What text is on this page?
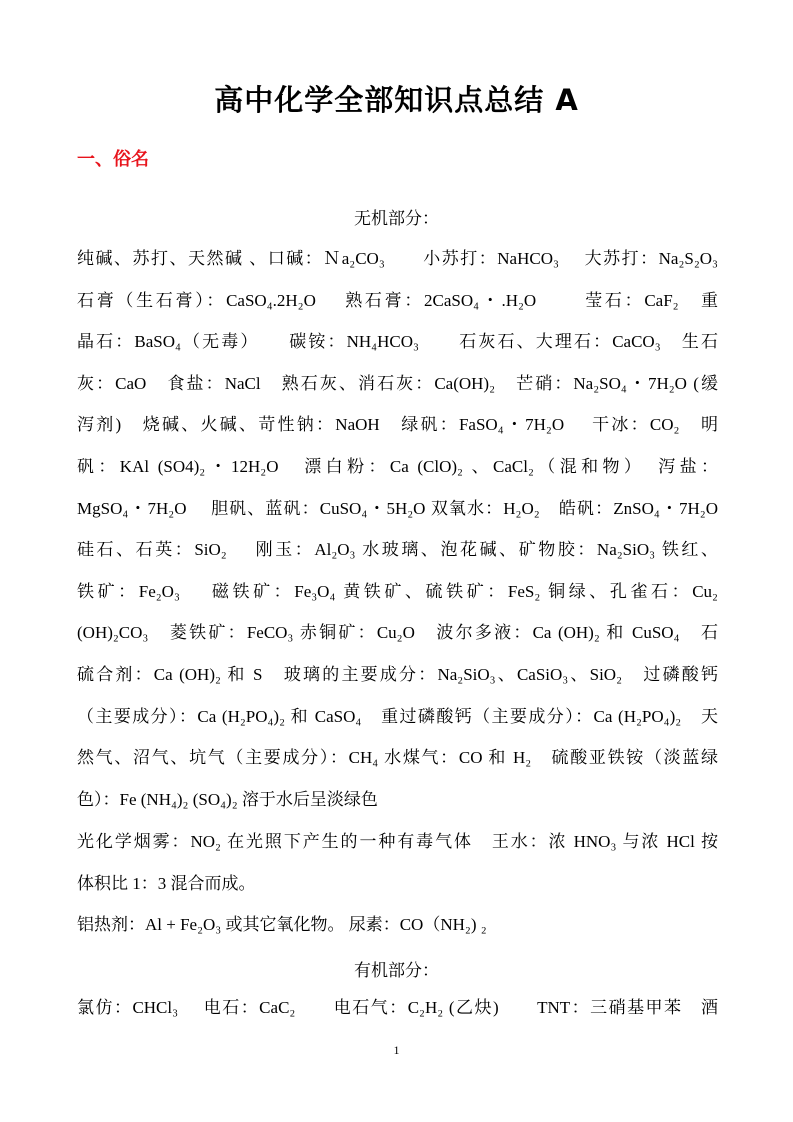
高中化学全部知识点总结 A
一、俗名

无机部分：

纯碱、苏打、天然碱 、口碱：Ｎa₂CO₃　　小苏打：NaHCO₃　 大苏打：Na₂S₂O₃
石膏（生石膏）：CaSO₄.2H₂O　 熟石膏：2CaSO₄・.H₂O　　 莹石：CaF₂　重
晶石：BaSO₄（无毒）　　碳铵：NH₄HCO₃　　石灰石、大理石：CaCO₃　生石
灰：CaO　食盐：NaCl　熟石灰、消石灰：Ca(OH)₂　芒硝：Na₂SO₄・7H₂O (缓
泻剂)　烧碱、火碱、苛性钠：NaOH　绿矾：FaSO₄・7H₂O　 干冰：CO₂　明
矾：KAl (SO4)₂・12H₂O　漂白粉：Ca (ClO)₂ 、CaCl₂（混和物）　泻盐：
MgSO₄・7H₂O　 胆矾、蓝矾：CuSO₄・5H₂O 双氧水：H₂O₂　皓矾：ZnSO₄・7H₂O
硅石、石英：SiO₂　 刚玉：Al₂O₃ 水玻璃、泡花碱、矿物胶：Na₂SiO₃ 铁红、
铁矿：Fe₂O₃　 磁铁矿：Fe₃O₄ 黄铁矿、硫铁矿：FeS₂ 铜绿、孔雀石：Cu₂
(OH)₂CO₃　菱铁矿：FeCO₃ 赤铜矿：Cu₂O　波尔多液：Ca (OH)₂ 和 CuSO₄　石
硫合剂：Ca (OH)₂ 和 S　玻璃的主要成分：Na₂SiO₃、CaSiO₃、SiO₂　过磷酸钙
（主要成分）：Ca (H₂PO₄)₂ 和 CaSO₄　重过磷酸钙（主要成分）：Ca (H₂PO₄)₂　天
然气、沼气、坑气（主要成分）：CH₄ 水煤气：CO 和 H₂　硫酸亚铁铵（淡蓝绿
色）：Fe (NH₄)₂ (SO₄)₂ 溶于水后呈淡绿色
光化学烟雾：NO₂ 在光照下产生的一种有毒气体　王水：浓 HNO₃ 与浓 HCl 按
体积比 1：3 混合而成。
铝热剂：Al + Fe₂O₃ 或其它氧化物。 尿素：CO（NH₂) ₂

有机部分：

氯仿：CHCl₃　 电石：CaC₂　　电石气：C₂H₂ (乙炔)　　TNT：三硝基甲苯　酒

1
